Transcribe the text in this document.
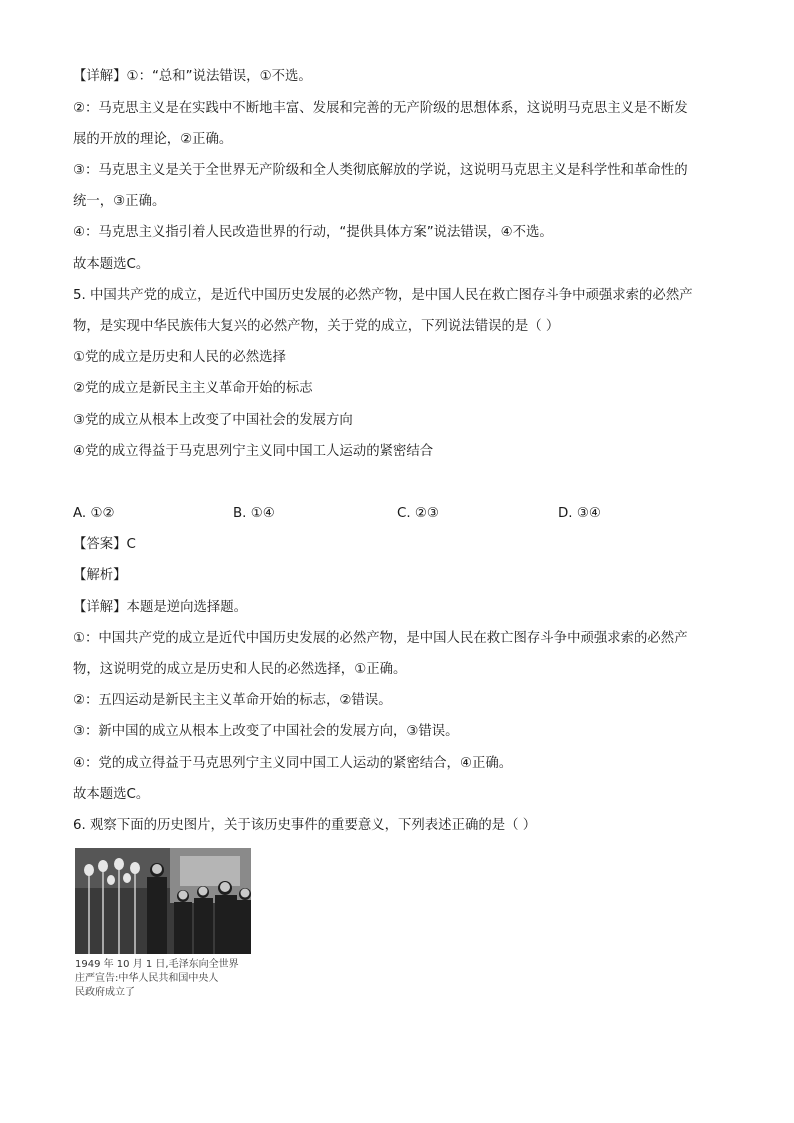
【详解】①：“总和”说法错误，①不选。
②：马克思主义是在实践中不断地丰富、发展和完善的无产阶级的思想体系，这说明马克思主义是不断发
展的开放的理论，②正确。
③：马克思主义是关于全世界无产阶级和全人类彻底解放的学说，这说明马克思主义是科学性和革命性的
统一，③正确。
④：马克思主义指引着人民改造世界的行动，“提供具体方案”说法错误，④不选。
故本题选C。
5. 中国共产党的成立，是近代中国历史发展的必然产物，是中国人民在救亡图存斗争中顽强求索的必然产
物，是实现中华民族伟大复兴的必然产物，关于党的成立，下列说法错误的是（ ）
①党的成立是历史和人民的必然选择
②党的成立是新民主主义革命开始的标志
③党的成立从根本上改变了中国社会的发展方向
④党的成立得益于马克思列宁主义同中国工人运动的紧密结合
A. ①②	B. ①④	C. ②③	D. ③④
【答案】C
【解析】
【详解】本题是逆向选择题。
①：中国共产党的成立是近代中国历史发展的必然产物，是中国人民在救亡图存斗争中顽强求索的必然产
物，这说明党的成立是历史和人民的必然选择，①正确。
②：五四运动是新民主主义革命开始的标志，②错误。
③：新中国的成立从根本上改变了中国社会的发展方向，③错误。
④：党的成立得益于马克思列宁主义同中国工人运动的紧密结合，④正确。
故本题选C。
6. 观察下面的历史图片，关于该历史事件的重要意义，下列表述正确的是（ ）
1949 年 10 月 1 日,毛泽东向全世界
庄严宣告:中华人民共和国中央人
民政府成立了
